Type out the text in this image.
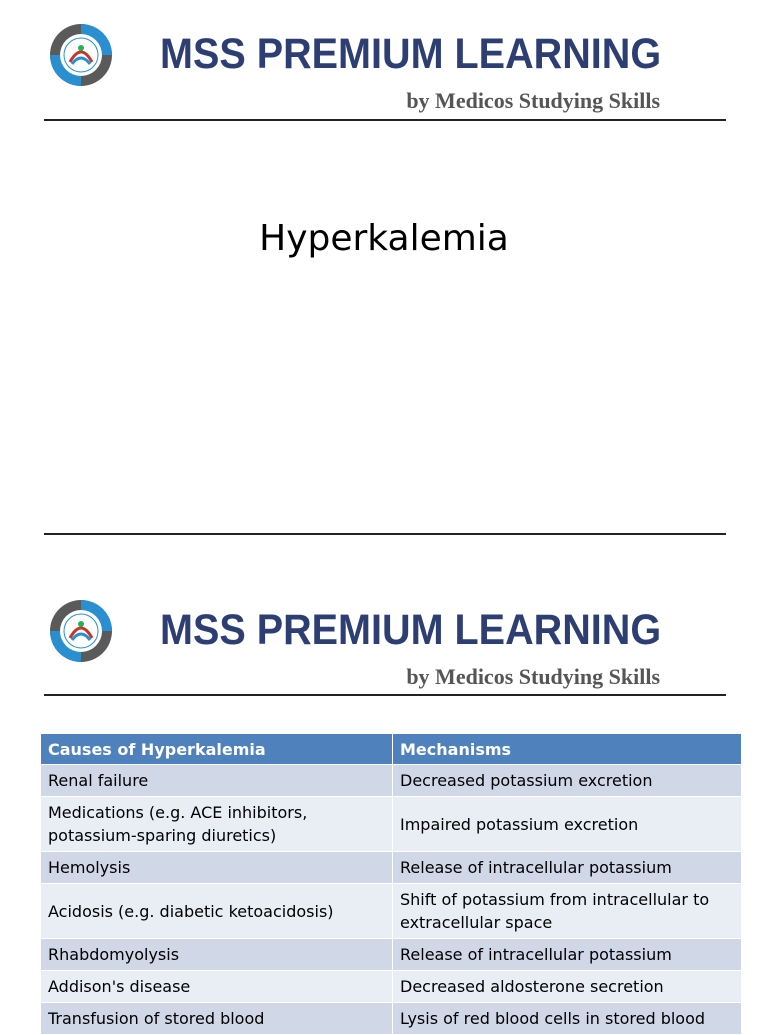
MSS PREMIUM LEARNING
by Medicos Studying Skills
Hyperkalemia
MSS PREMIUM LEARNING
by Medicos Studying Skills
Causes of Hyperkalemia	Mechanisms
Renal failure	Decreased potassium excretion
Medications (e.g. ACE inhibitors, potassium-sparing diuretics)	Impaired potassium excretion
Hemolysis	Release of intracellular potassium
Acidosis (e.g. diabetic ketoacidosis)	Shift of potassium from intracellular to extracellular space
Rhabdomyolysis	Release of intracellular potassium
Addison's disease	Decreased aldosterone secretion
Transfusion of stored blood	Lysis of red blood cells in stored blood
